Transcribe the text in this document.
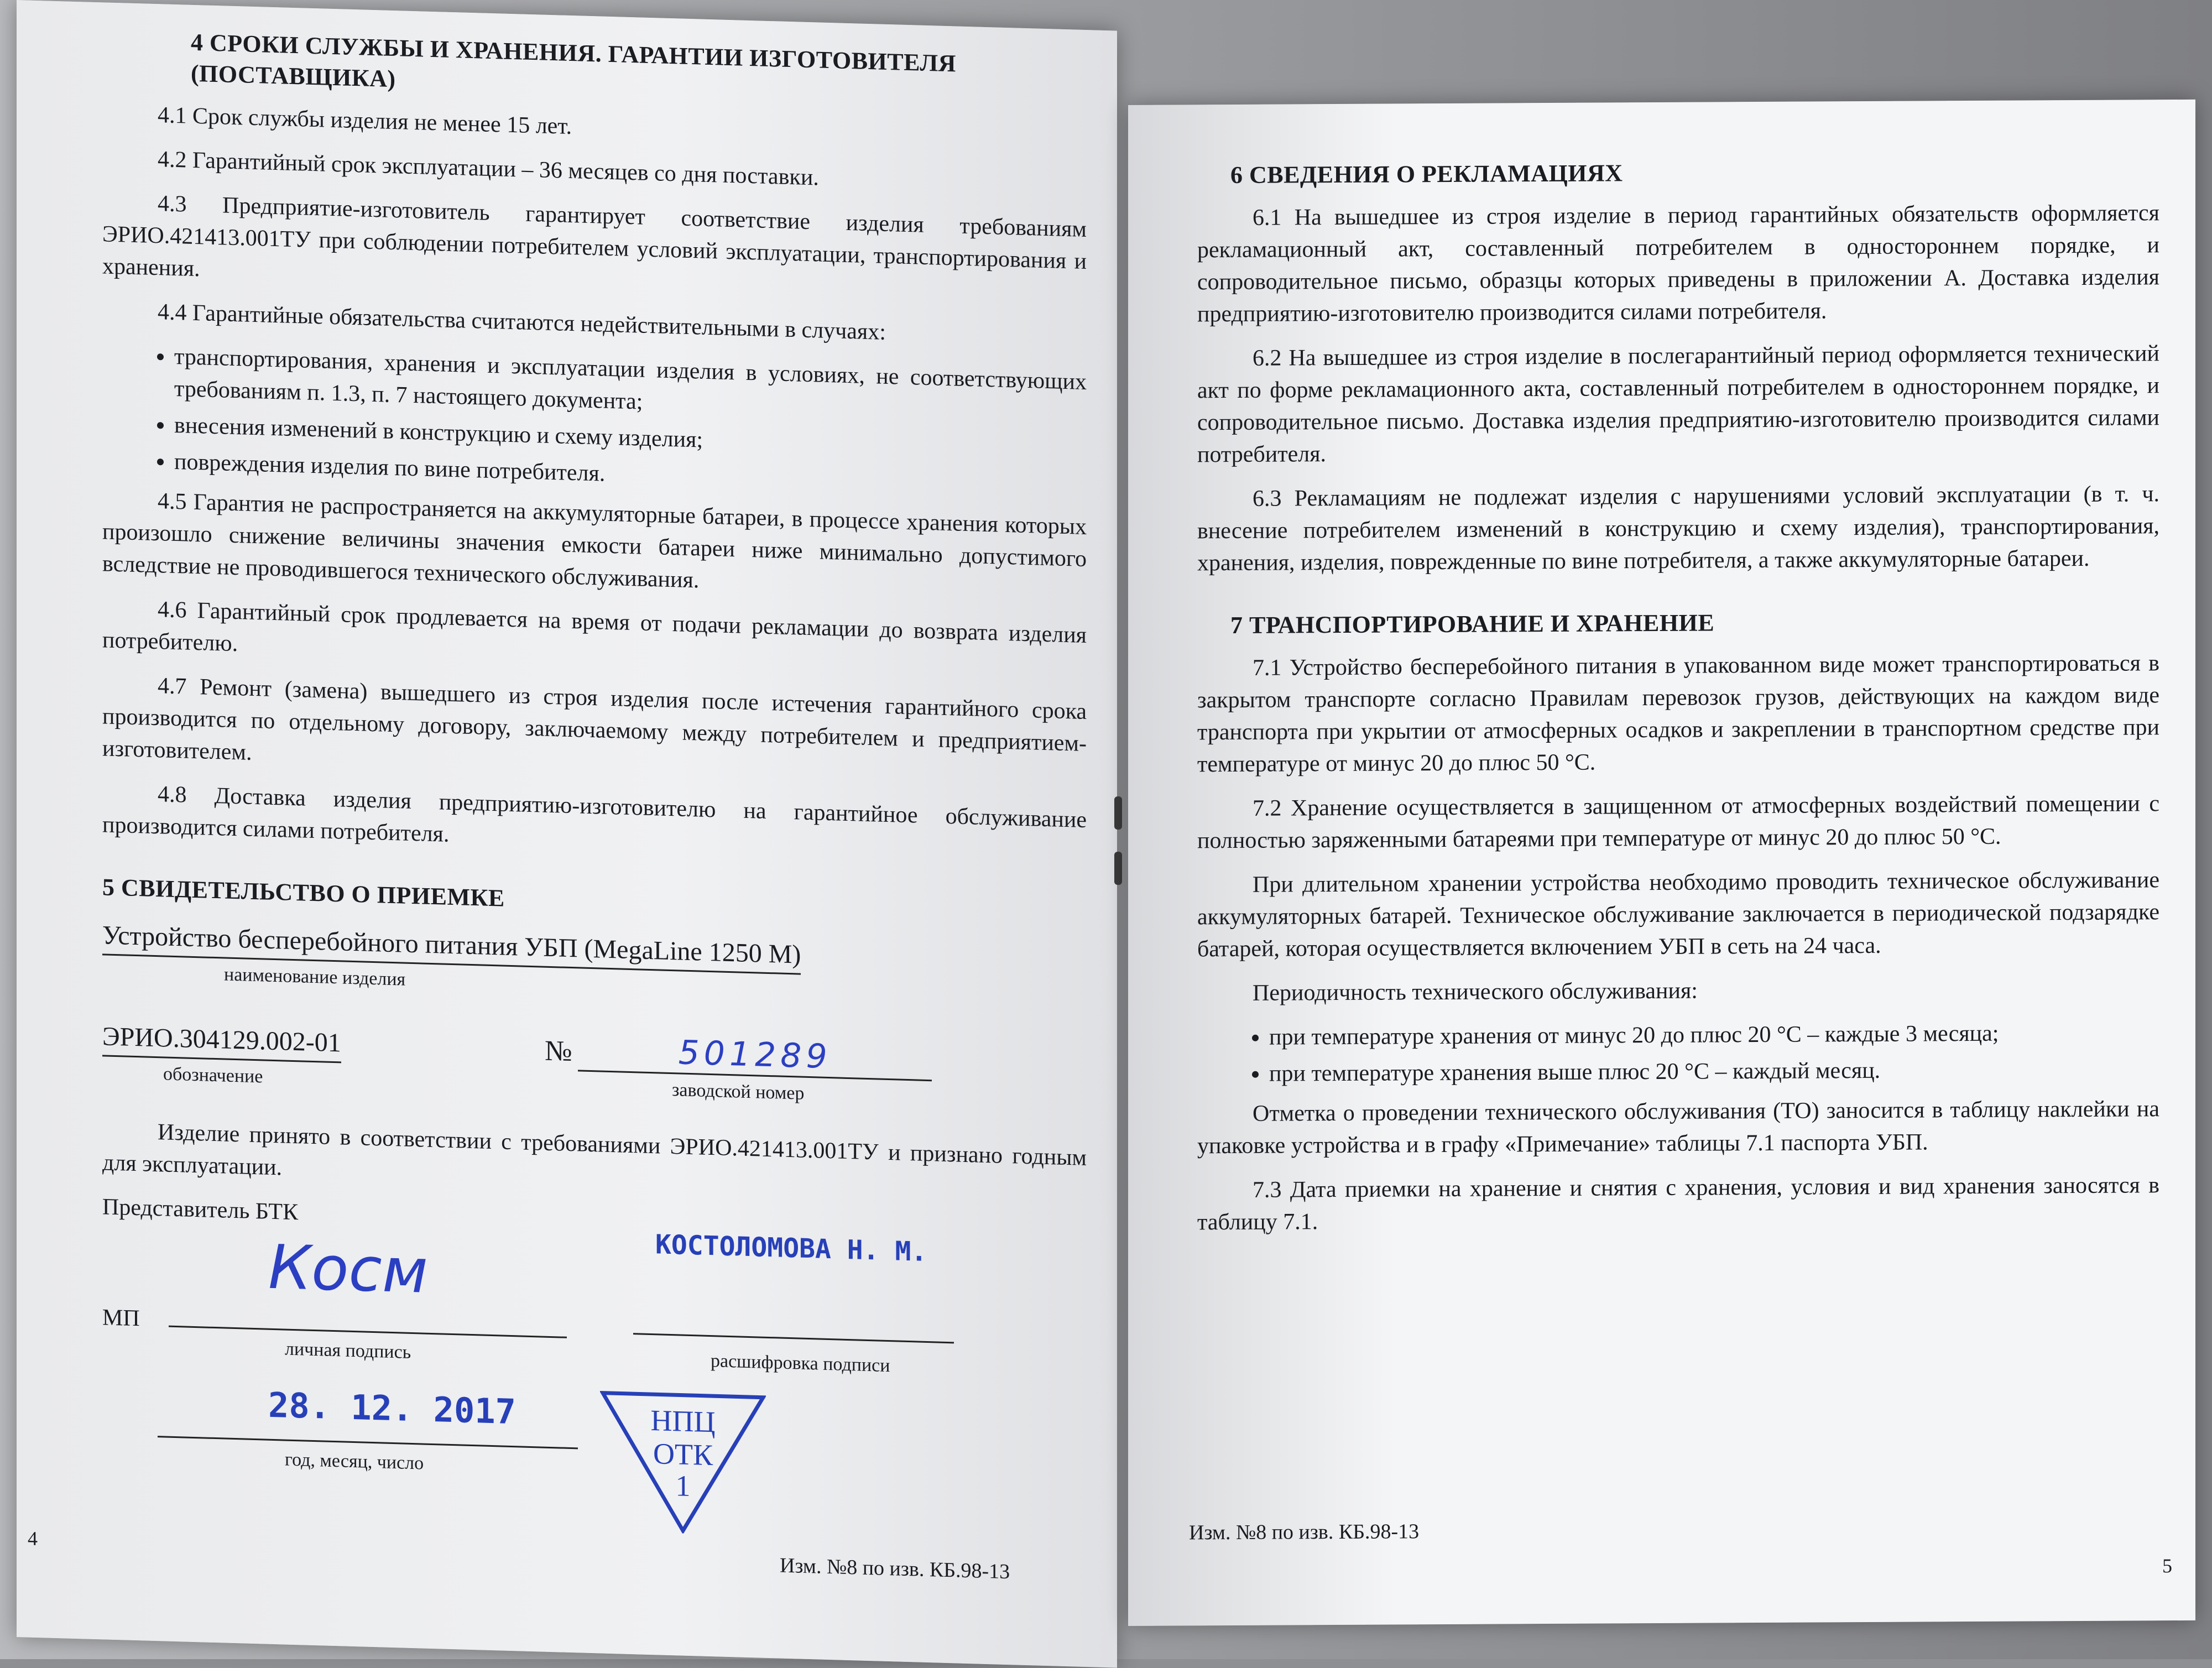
4 СРОКИ СЛУЖБЫ И ХРАНЕНИЯ. ГАРАНТИИ ИЗГОТОВИТЕЛЯ (ПОСТАВЩИКА)

4.1 Срок службы изделия не менее 15 лет.

4.2 Гарантийный срок эксплуатации – 36 месяцев со дня поставки.

4.3 Предприятие-изготовитель гарантирует соответствие изделия требованиям ЭРИО.421413.001ТУ при соблюдении потребителем условий эксплуатации, транспортирования и хранения.

4.4 Гарантийные обязательства считаются недействительными в случаях:

• транспортирования, хранения и эксплуатации изделия в условиях, не соответствующих требованиям п. 1.3, п. 7 настоящего документа;
• внесения изменений в конструкцию и схему изделия;
• повреждения изделия по вине потребителя.

4.5 Гарантия не распространяется на аккумуляторные батареи, в процессе хранения которых произошло снижение величины значения емкости батареи ниже минимально допустимого вследствие не проводившегося технического обслуживания.

4.6 Гарантийный срок продлевается на время от подачи рекламации до возврата изделия потребителю.

4.7 Ремонт (замена) вышедшего из строя изделия после истечения гарантийного срока производится по отдельному договору, заключаемому между потребителем и предприятием-изготовителем.

4.8 Доставка изделия предприятию-изготовителю на гарантийное обслуживание производится силами потребителя.

5 СВИДЕТЕЛЬСТВО О ПРИЕМКЕ
Устройство бесперебойного питания УБП (MegaLine 1250 M)
наименование изделия
ЭРИО.304129.002-01
обозначение
№	501289
заводской номер

Изделие принято в соответствии с требованиями ЭРИО.421413.001ТУ и признано годным для эксплуатации.

Представитель БТК

МП
Косм
личная подпись
КОСТОЛОМОВА Н. М.
расшифровка подписи
28. 12. 2017
год, месяц, число
НПЦ
ОТК
1
4
Изм. №8 по изв. КБ.98-13
6 СВЕДЕНИЯ О РЕКЛАМАЦИЯХ

6.1 На вышедшее из строя изделие в период гарантийных обязательств оформляется рекламационный акт, составленный потребителем в одностороннем порядке, и сопроводительное письмо, образцы которых приведены в приложении А. Доставка изделия предприятию-изготовителю производится силами потребителя.

6.2 На вышедшее из строя изделие в послегарантийный период оформляется технический акт по форме рекламационного акта, составленный потребителем в одностороннем порядке, и сопроводительное письмо. Доставка изделия предприятию-изготовителю производится силами потребителя.

6.3 Рекламациям не подлежат изделия с нарушениями условий эксплуатации (в т. ч. внесение потребителем изменений в конструкцию и схему изделия), транспортирования, хранения, изделия, поврежденные по вине потребителя, а также аккумуляторные батареи.

7 ТРАНСПОРТИРОВАНИЕ И ХРАНЕНИЕ

7.1 Устройство бесперебойного питания в упакованном виде может транспортироваться в закрытом транспорте согласно Правилам перевозок грузов, действующих на каждом виде транспорта при укрытии от атмосферных осадков и закреплении в транспортном средстве при температуре от минус 20 до плюс 50 °С.

7.2 Хранение осуществляется в защищенном от атмосферных воздействий помещении с полностью заряженными батареями при температуре от минус 20 до плюс 50 °С.

При длительном хранении устройства необходимо проводить техническое обслуживание аккумуляторных батарей. Техническое обслуживание заключается в периодической подзарядке батарей, которая осуществляется включением УБП в сеть на 24 часа.

Периодичность технического обслуживания:

• при температуре хранения от минус 20 до плюс 20 °С – каждые 3 месяца;
• при температуре хранения выше плюс 20 °С – каждый месяц.

Отметка о проведении технического обслуживания (ТО) заносится в таблицу наклейки на упаковке устройства и в графу «Примечание» таблицы 7.1 паспорта УБП.

7.3 Дата приемки на хранение и снятия с хранения, условия и вид хранения заносятся в таблицу 7.1.

Изм. №8 по изв. КБ.98-13
5
